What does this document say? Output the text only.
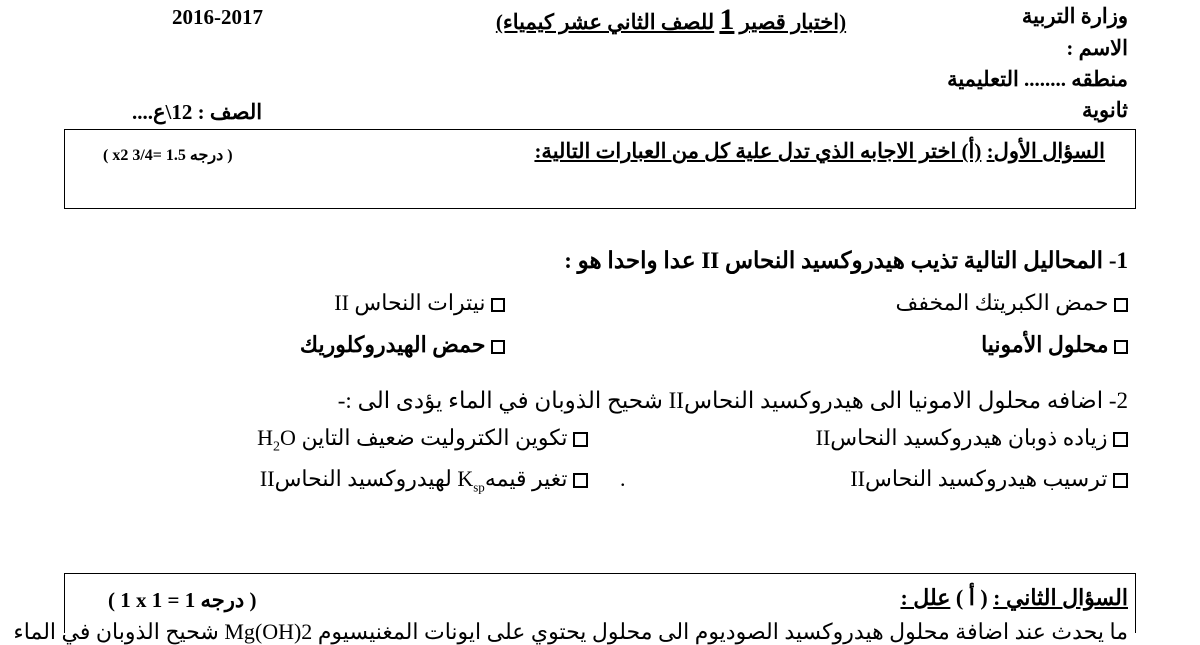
2016-2017	(اختبار قصير 1 للصف الثاني عشر كيمياء)	وزارة التربية
الاسم :
منطقه ........ التعليمية
ثانوية
الصف : 12\ع....
السؤال الأول: (أ) اختر الاجابه الذي تدل علية كل من العبارات التالية:
( x2 3/4= 1.5 درجه )
1- المحاليل التالية تذيب هيدروكسيد النحاس II عدا واحدا هو :
حمض الكبريتك المخفف
نيترات النحاس II
محلول الأمونيا
حمض الهيدروكلوريك
2- اضافه محلول الامونيا الى هيدروكسيد النحاسII شحيح الذوبان في الماء يؤدى الى :-
زياده ذوبان هيدروكسيد النحاسII
تكوين الكتروليت ضعيف التاين $H_2O$
ترسيب هيدروكسيد النحاسII
.
تغير قيمهK$_{sp}$ لهيدروكسيد النحاسII
السؤال الثاني : ( أ ) علل :
( 1 x 1 = 1 درجه )
ما يحدث عند اضافة محلول هيدروكسيد الصوديوم الى محلول يحتوي على ايونات المغنيسيوم Mg(OH)2 شحيح الذوبان في الماء
